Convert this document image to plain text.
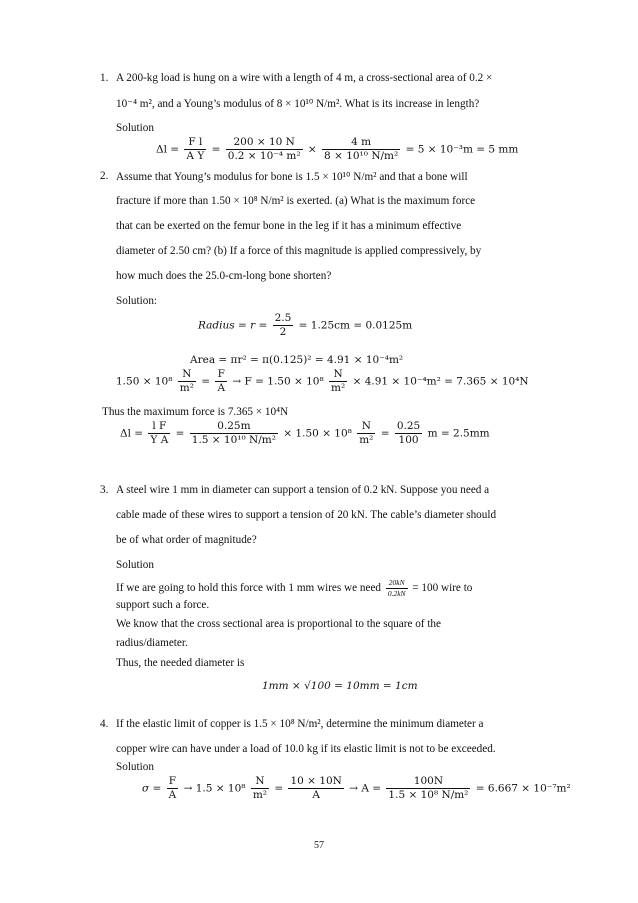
1. A 200-kg load is hung on a wire with a length of 4 m, a cross-sectional area of 0.2 ×
10⁻⁴ m², and a Young’s modulus of 8 × 10¹⁰ N/m². What is its increase in length?
Solution
$\Delta l = \frac{\text{F l}}{\text{A Y}} = \frac{200 \times 10 N}{\text{0.2 × 10⁻⁴ m²}} \times \frac{4 m}{\text{8 × 10¹⁰ N/m²}} = 5 \times 10^{-3}m = 5$ mm
2. Assume that Young’s modulus for bone is 1.5 × 10¹⁰ N/m² and that a bone will
fracture if more than 1.50 × 10⁸ N/m² is exerted. (a) What is the maximum force
that can be exerted on the femur bone in the leg if it has a minimum effective
diameter of 2.50 cm? (b) If a force of this magnitude is applied compressively, by
how much does the 25.0-cm-long bone shorten?
Solution:
Radius = $r = \frac{2.5}{2} = 1.25cm = 0.0125m$
Area = πr² = π(0.125)² = 4.91 × 10⁻⁴m²
$1.50 \times 10^8 \frac{N}{\text{m²}} = \frac{F}{A} \to F = 1.50 \times 10^8 \frac{N}{\text{m²}} \times 4.91 \times 10^{-4}m^2 = 7.365 \times 10^4N$
Thus the maximum force is 7.365 × 10⁴N
$\Delta l = \frac{\text{l F}}{\text{Y A}} = \frac{0.25m}{\text{1.5 × 10¹⁰ N/m²}} \times 1.50 \times 10^8 \frac{N}{\text{m²}} = \frac{0.25}{100}$ m = 2.5mm
3. A steel wire 1 mm in diameter can support a tension of 0.2 kN. Suppose you need a
cable made of these wires to support a tension of 20 kN. The cable’s diameter should
be of what order of magnitude?
Solution
If we are going to hold this force with 1 mm wires we need $\frac{20kN}{0.2kN} = 100$ wire to
support such a force.
We know that the cross sectional area is proportional to the square of the
radius/diameter.
Thus, the needed diameter is
1mm × √100 = 10mm = 1cm
4. If the elastic limit of copper is 1.5 × 10⁸ N/m², determine the minimum diameter a
copper wire can have under a load of 10.0 kg if its elastic limit is not to be exceeded.
Solution
$\sigma = \frac{F}{A} \to 1.5 \times 10^8 \frac{N}{\text{m²}} = \frac{10 \times 10N}{A} \to A = \frac{100N}{\text{1.5 × 10⁸ N/m²}} = 6.667 \times 10^{-7}m^2$
57
